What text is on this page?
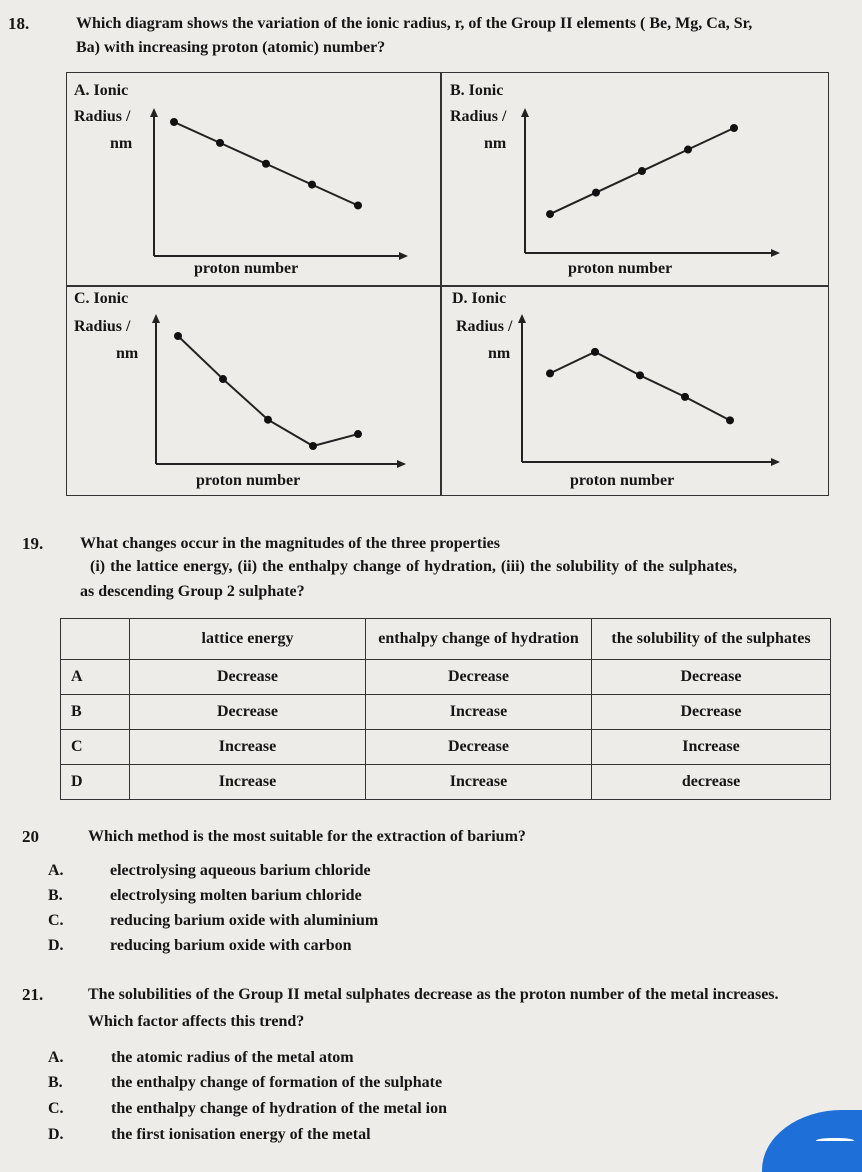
18.	Which diagram shows the variation of the ionic radius, r, of the Group II elements ( Be, Mg, Ca, Sr,
Ba) with increasing proton (atomic) number?
A. Ionic
Radius /
nm
proton number
B. Ionic
Radius /
nm
proton number
C. Ionic
Radius /
nm
proton number
D. Ionic
Radius /
nm
proton number
19. What changes occur in the magnitudes of the three properties
(i) the lattice energy, (ii) the enthalpy change of hydration, (iii) the solubility of the sulphates,
as descending Group 2 sulphate?
	lattice energy	enthalpy change of hydration	the solubility of the sulphates
A	Decrease	Decrease	Decrease
B	Decrease	Increase	Decrease
C	Increase	Decrease	Increase
D	Increase	Increase	decrease
20	Which method is the most suitable for the extraction of barium?
A.	electrolysing aqueous barium chloride
B.	electrolysing molten barium chloride
C.	reducing barium oxide with aluminium
D.	reducing barium oxide with carbon
21.	The solubilities of the Group II metal sulphates decrease as the proton number of the metal increases.
Which factor affects this trend?
A.	the atomic radius of the metal atom
B.	the enthalpy change of formation of the sulphate
C.	the enthalpy change of hydration of the metal ion
D.	the first ionisation energy of the metal
